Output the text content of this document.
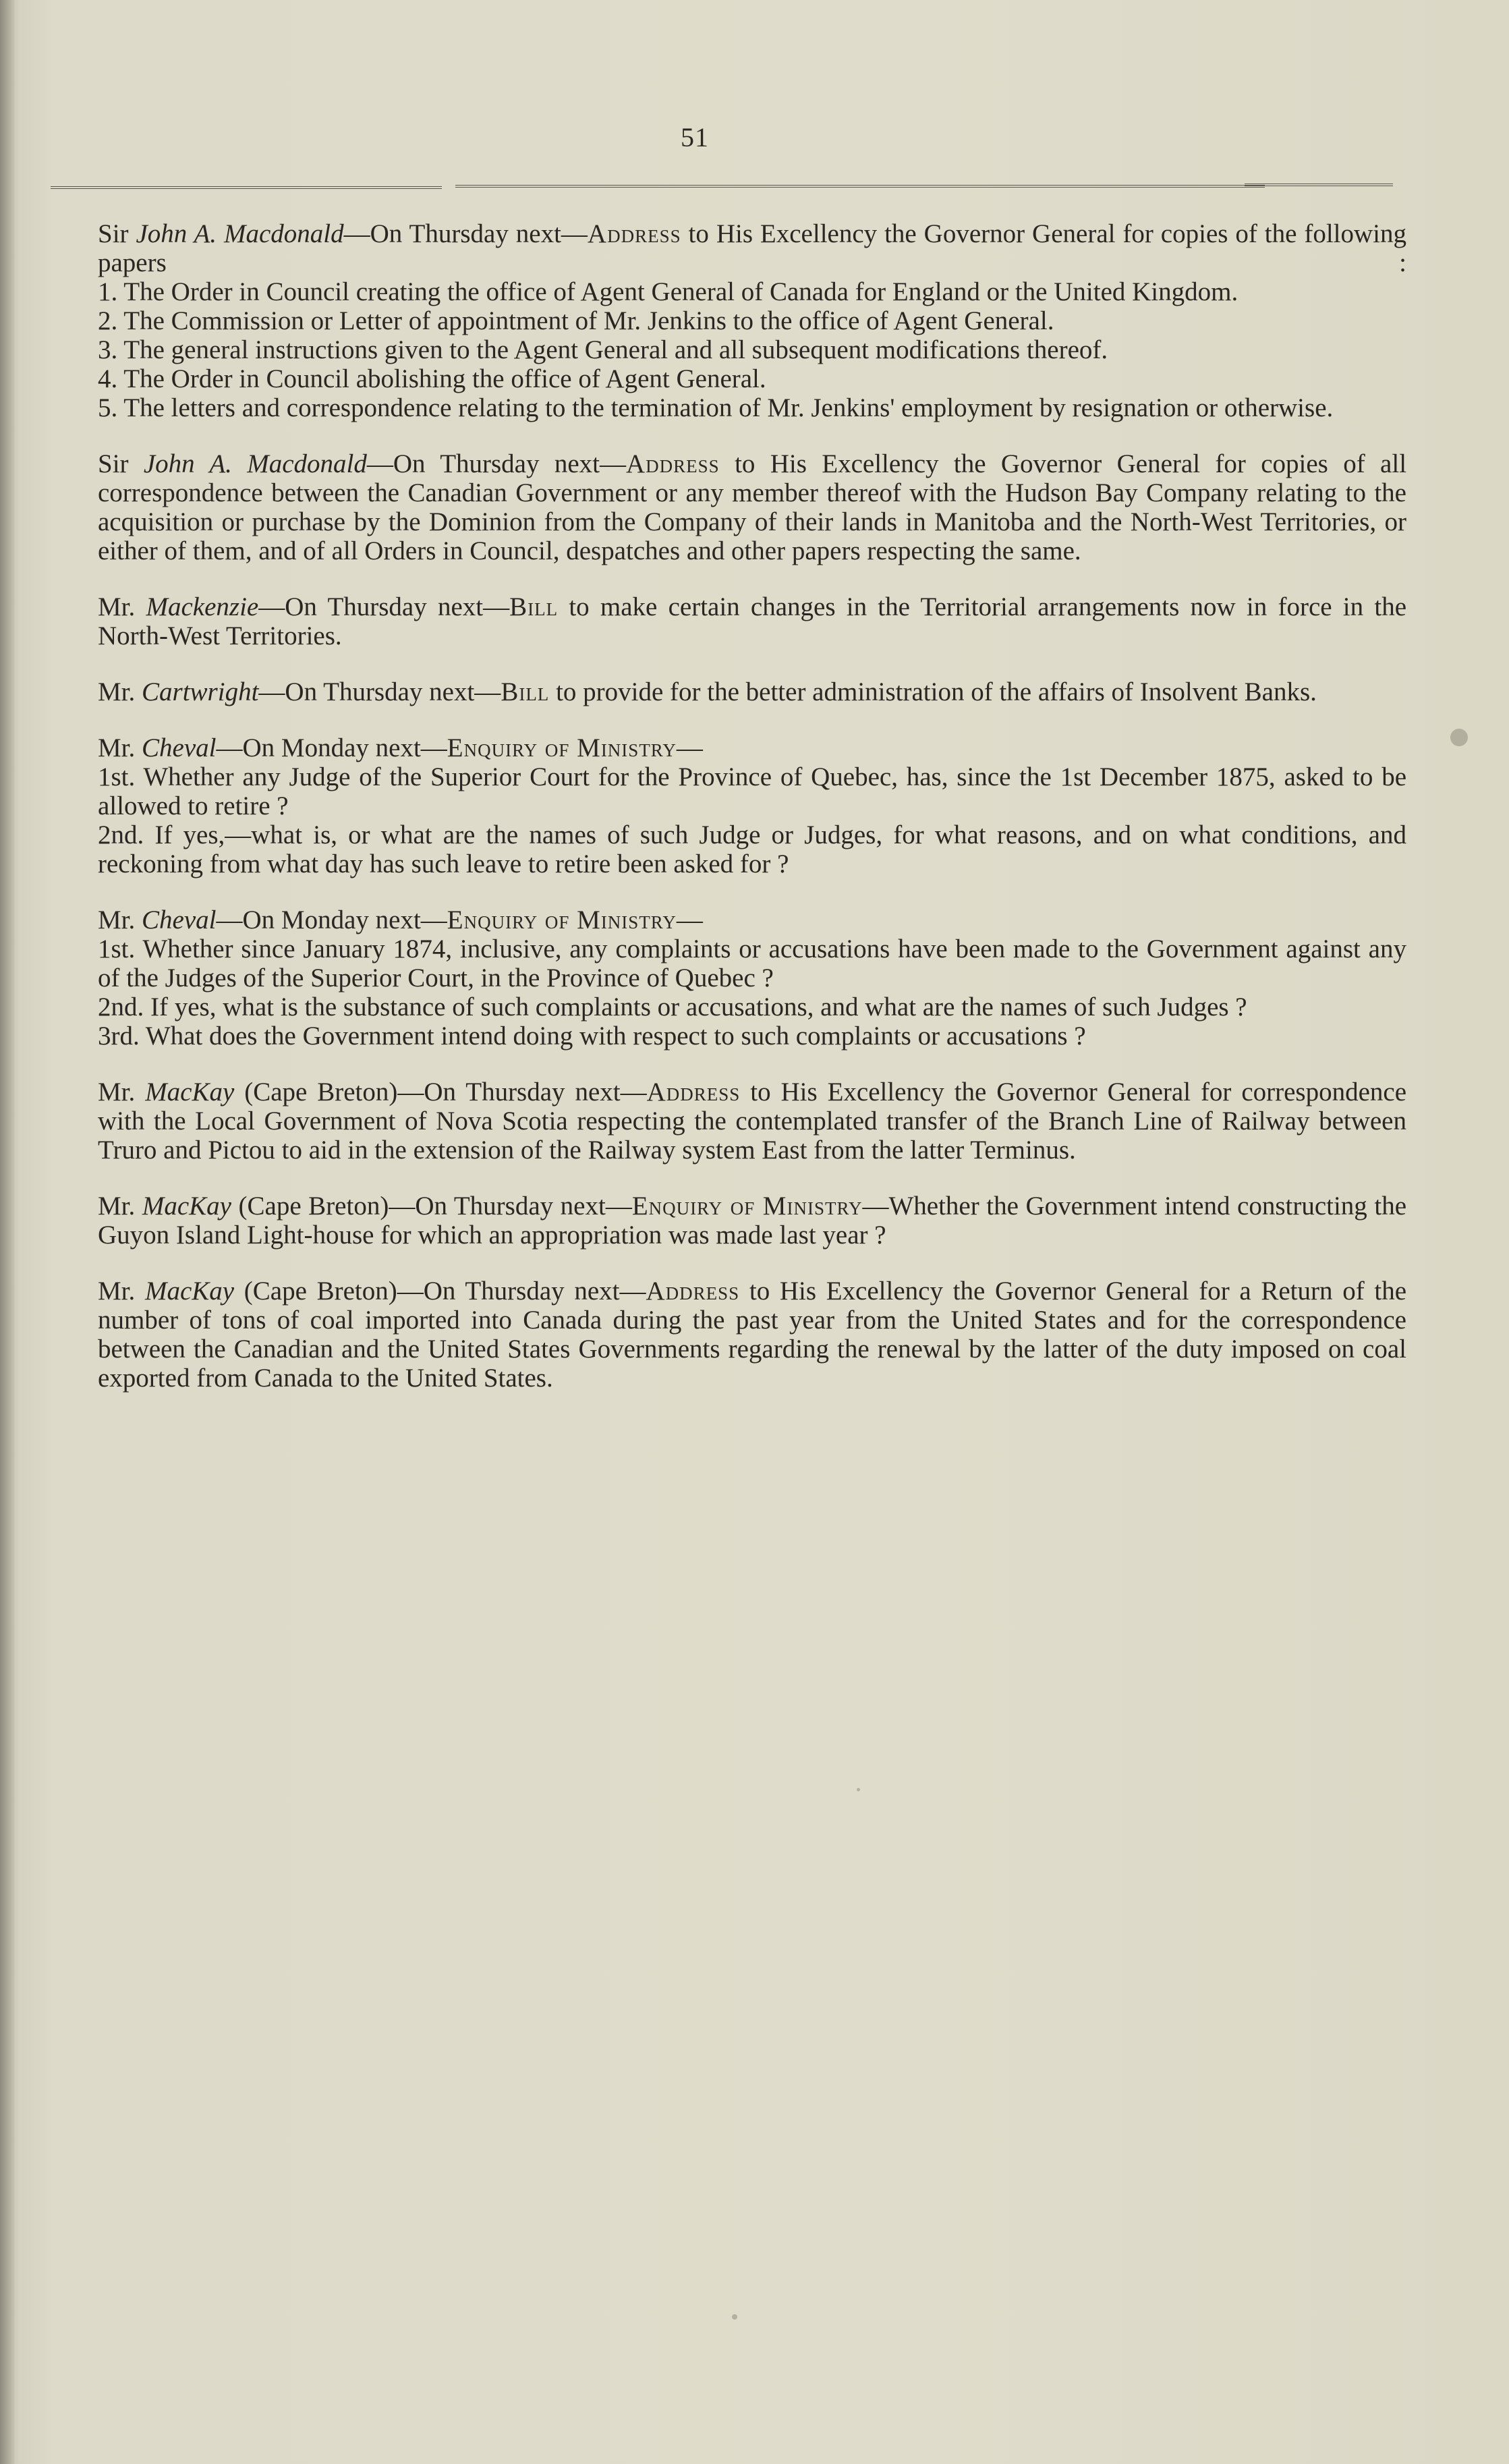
51
Sir John A. Macdonald—On Thursday next—Address to His Excellency the Governor General for copies of the following papers :
1. The Order in Council creating the office of Agent General of Canada for England or the United Kingdom.
2. The Commission or Letter of appointment of Mr. Jenkins to the office of Agent General.
3. The general instructions given to the Agent General and all subsequent modifications thereof.
4. The Order in Council abolishing the office of Agent General.
5. The letters and correspondence relating to the termination of Mr. Jenkins' employment by resignation or otherwise.
Sir John A. Macdonald—On Thursday next—Address to His Excellency the Governor General for copies of all correspondence between the Canadian Government or any member thereof with the Hudson Bay Company relating to the acquisition or purchase by the Dominion from the Company of their lands in Manitoba and the North-West Territories, or either of them, and of all Orders in Council, despatches and other papers respecting the same.
Mr. Mackenzie—On Thursday next—Bill to make certain changes in the Territorial arrangements now in force in the North-West Territories.
Mr. Cartwright—On Thursday next—Bill to provide for the better administration of the affairs of Insolvent Banks.
Mr. Cheval—On Monday next—Enquiry of Ministry—
1st. Whether any Judge of the Superior Court for the Province of Quebec, has, since the 1st December 1875, asked to be allowed to retire ?
2nd. If yes,—what is, or what are the names of such Judge or Judges, for what reasons, and on what conditions, and reckoning from what day has such leave to retire been asked for ?
Mr. Cheval—On Monday next—Enquiry of Ministry—
1st. Whether since January 1874, inclusive, any complaints or accusations have been made to the Government against any of the Judges of the Superior Court, in the Province of Quebec ?
2nd. If yes, what is the substance of such complaints or accusations, and what are the names of such Judges ?
3rd. What does the Government intend doing with respect to such complaints or accusations ?
Mr. MacKay (Cape Breton)—On Thursday next—Address to His Excellency the Governor General for correspondence with the Local Government of Nova Scotia respecting the contemplated transfer of the Branch Line of Railway between Truro and Pictou to aid in the extension of the Railway system East from the latter Terminus.
Mr. MacKay (Cape Breton)—On Thursday next—Enquiry of Ministry—Whether the Government intend constructing the Guyon Island Light-house for which an appropriation was made last year ?
Mr. MacKay (Cape Breton)—On Thursday next—Address to His Excellency the Governor General for a Return of the number of tons of coal imported into Canada during the past year from the United States and for the correspondence between the Canadian and the United States Governments regarding the renewal by the latter of the duty imposed on coal exported from Canada to the United States.
